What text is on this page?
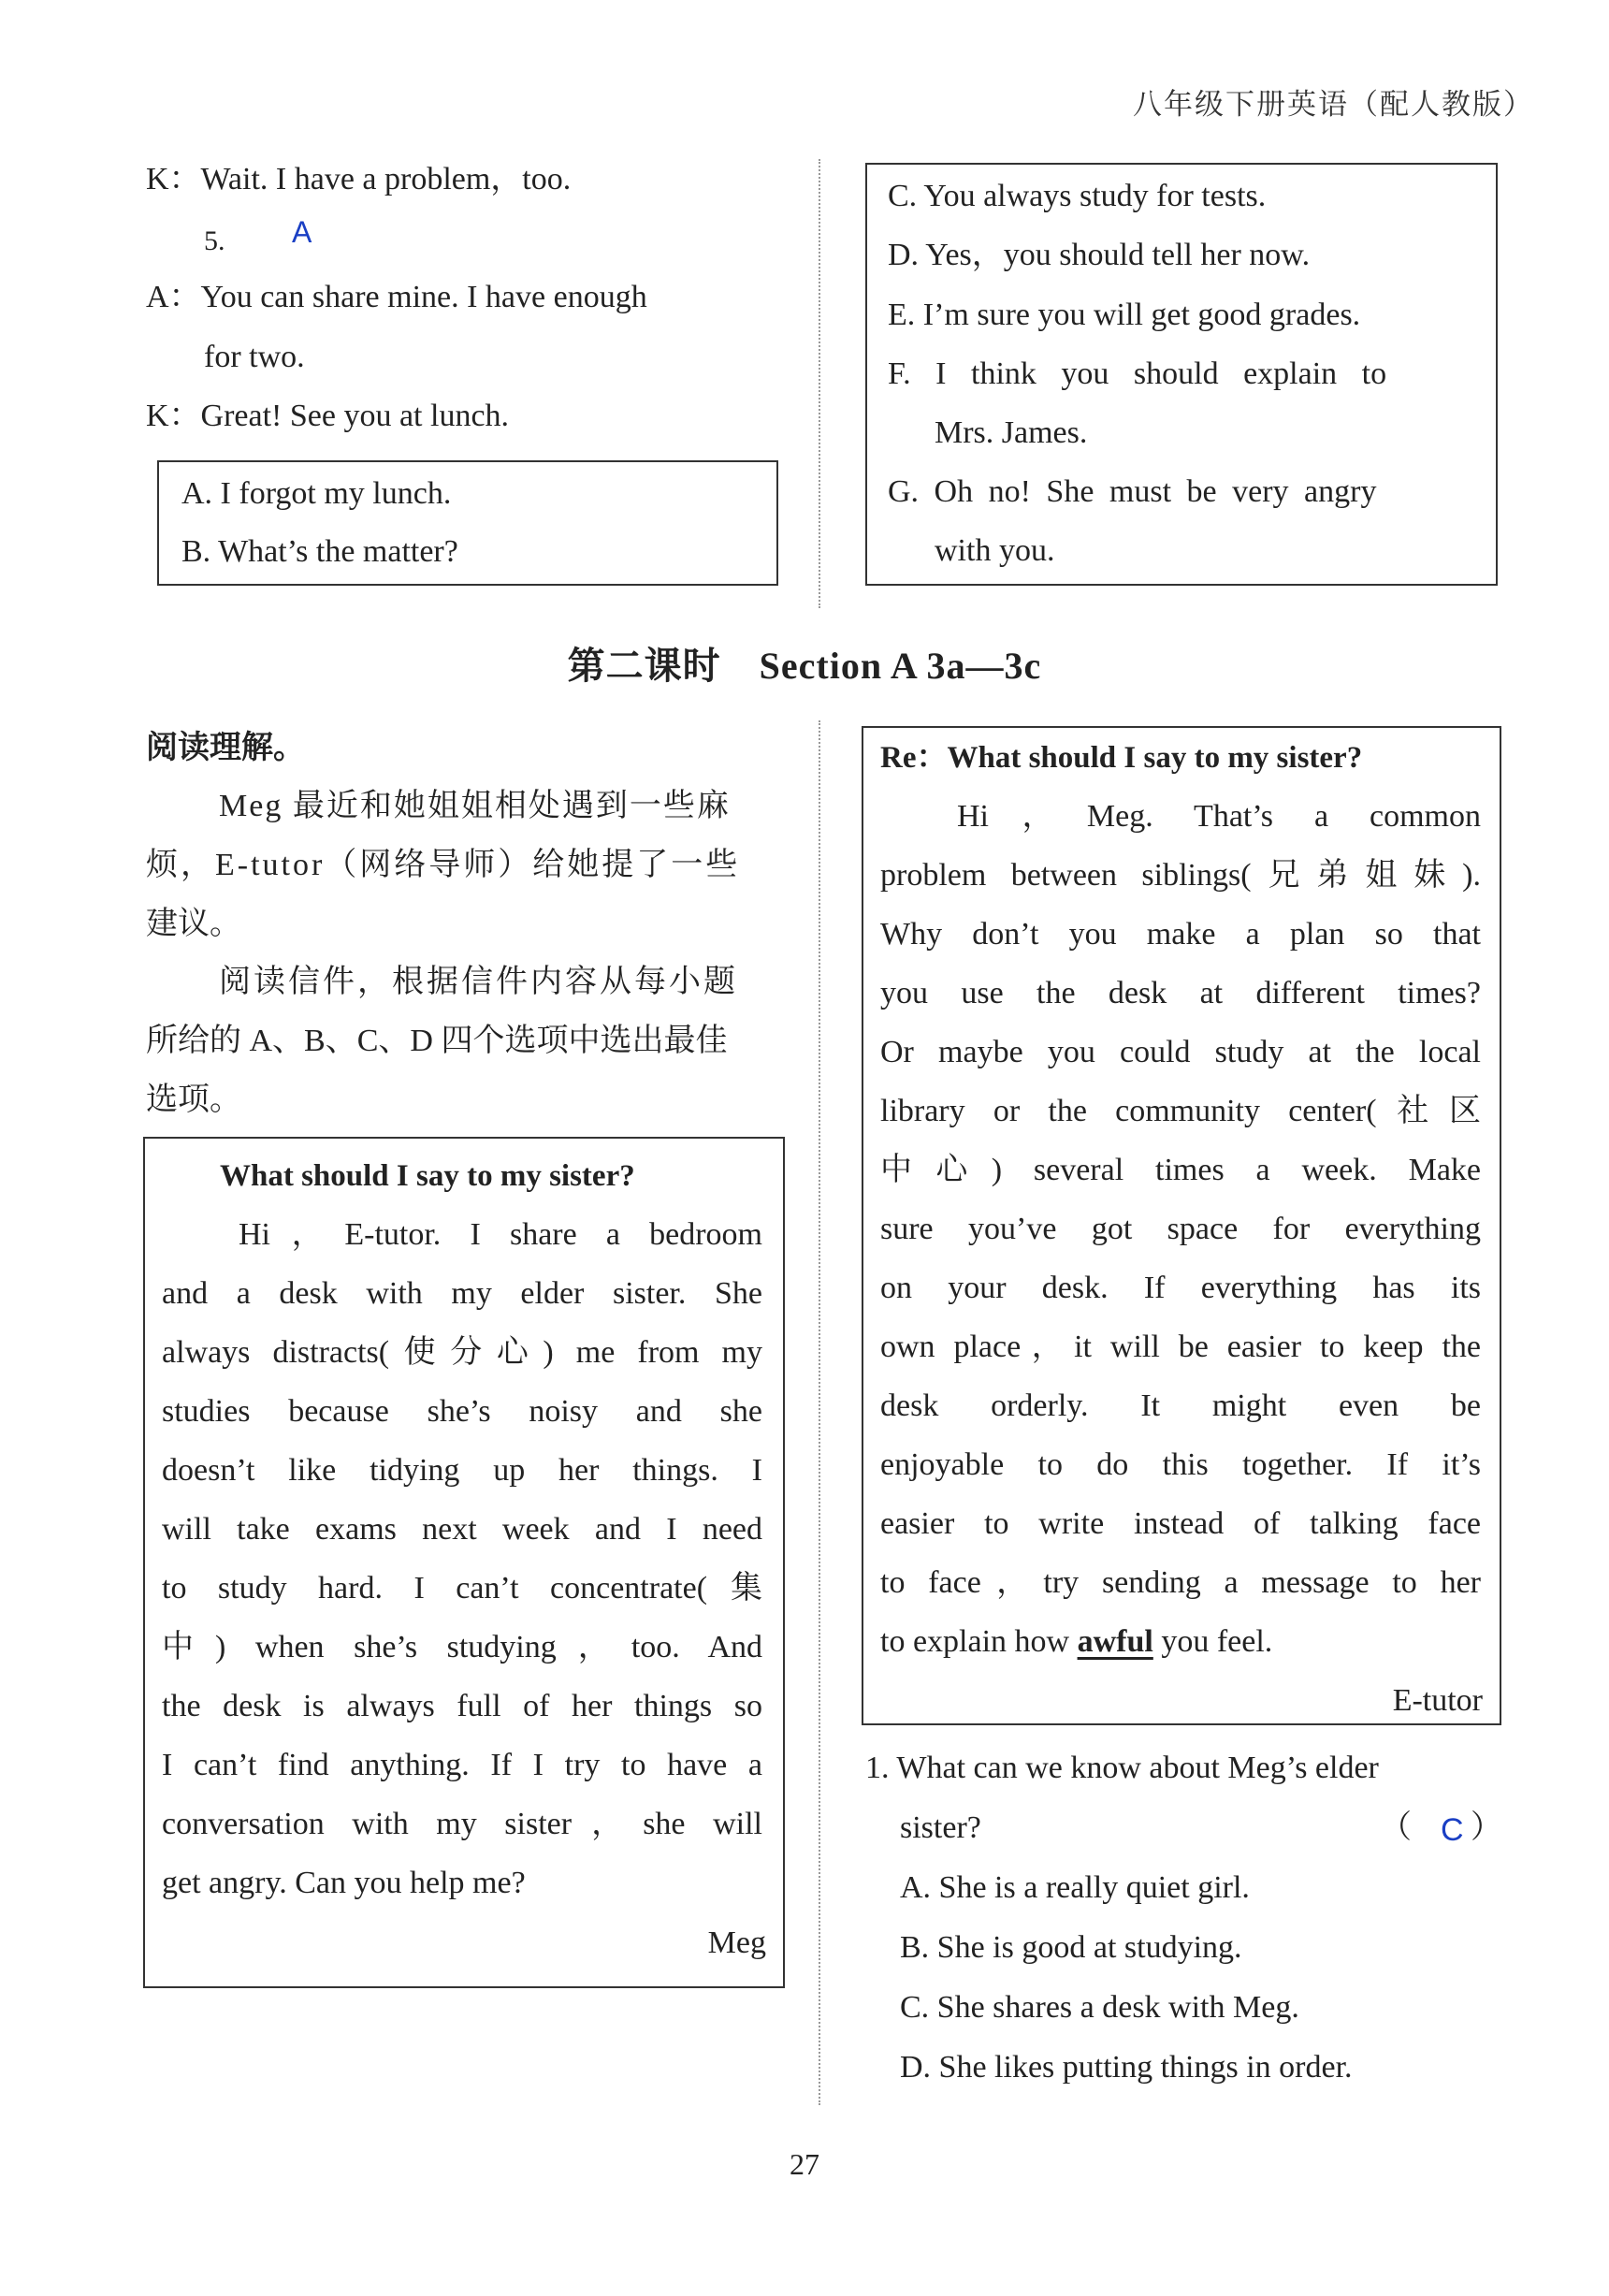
八年级下册英语（配人教版）
K：Wait. I have a problem，too.
5. A
A：You can share mine. I have enough
for two.
K：Great! See you at lunch.
A. I forgot my lunch.
B. What’s the matter?
C. You always study for tests.
D. Yes，you should tell her now.
E. I’m sure you will get good grades.
F. I think you should explain to
Mrs. James.
G. Oh no! She must be very angry
with you.
第二课时　Section A 3a—3c
阅读理解。
Meg 最近和她姐姐相处遇到一些麻
烦，E-tutor（网络导师）给她提了一些
建议。
阅读信件，根据信件内容从每小题
所给的 A、B、C、D 四个选项中选出最佳
选项。
What should I say to my sister?
Hi，E-tutor. I share a bedroom
and a desk with my elder sister. She
always distracts(使分心) me from my
studies because she’s noisy and she
doesn’t like tidying up her things. I
will take exams next week and I need
to study hard. I can’t concentrate(集
中) when she’s studying，too. And
the desk is always full of her things so
I can’t find anything. If I try to have a
conversation with my sister，she will
get angry. Can you help me?
Meg
Re：What should I say to my sister?
Hi，Meg. That’s a common
problem between siblings(兄弟姐妹).
Why don’t you make a plan so that
you use the desk at different times?
Or maybe you could study at the local
library or the community center(社区
中心) several times a week. Make
sure you’ve got space for everything
on your desk. If everything has its
own place，it will be easier to keep the
desk orderly. It might even be
enjoyable to do this together. If it’s
easier to write instead of talking face
to face，try sending a message to her
to explain how awful you feel.
E-tutor
1. What can we know about Meg’s elder
sister?	（ C ）
A. She is a really quiet girl.
B. She is good at studying.
C. She shares a desk with Meg.
D. She likes putting things in order.
27
